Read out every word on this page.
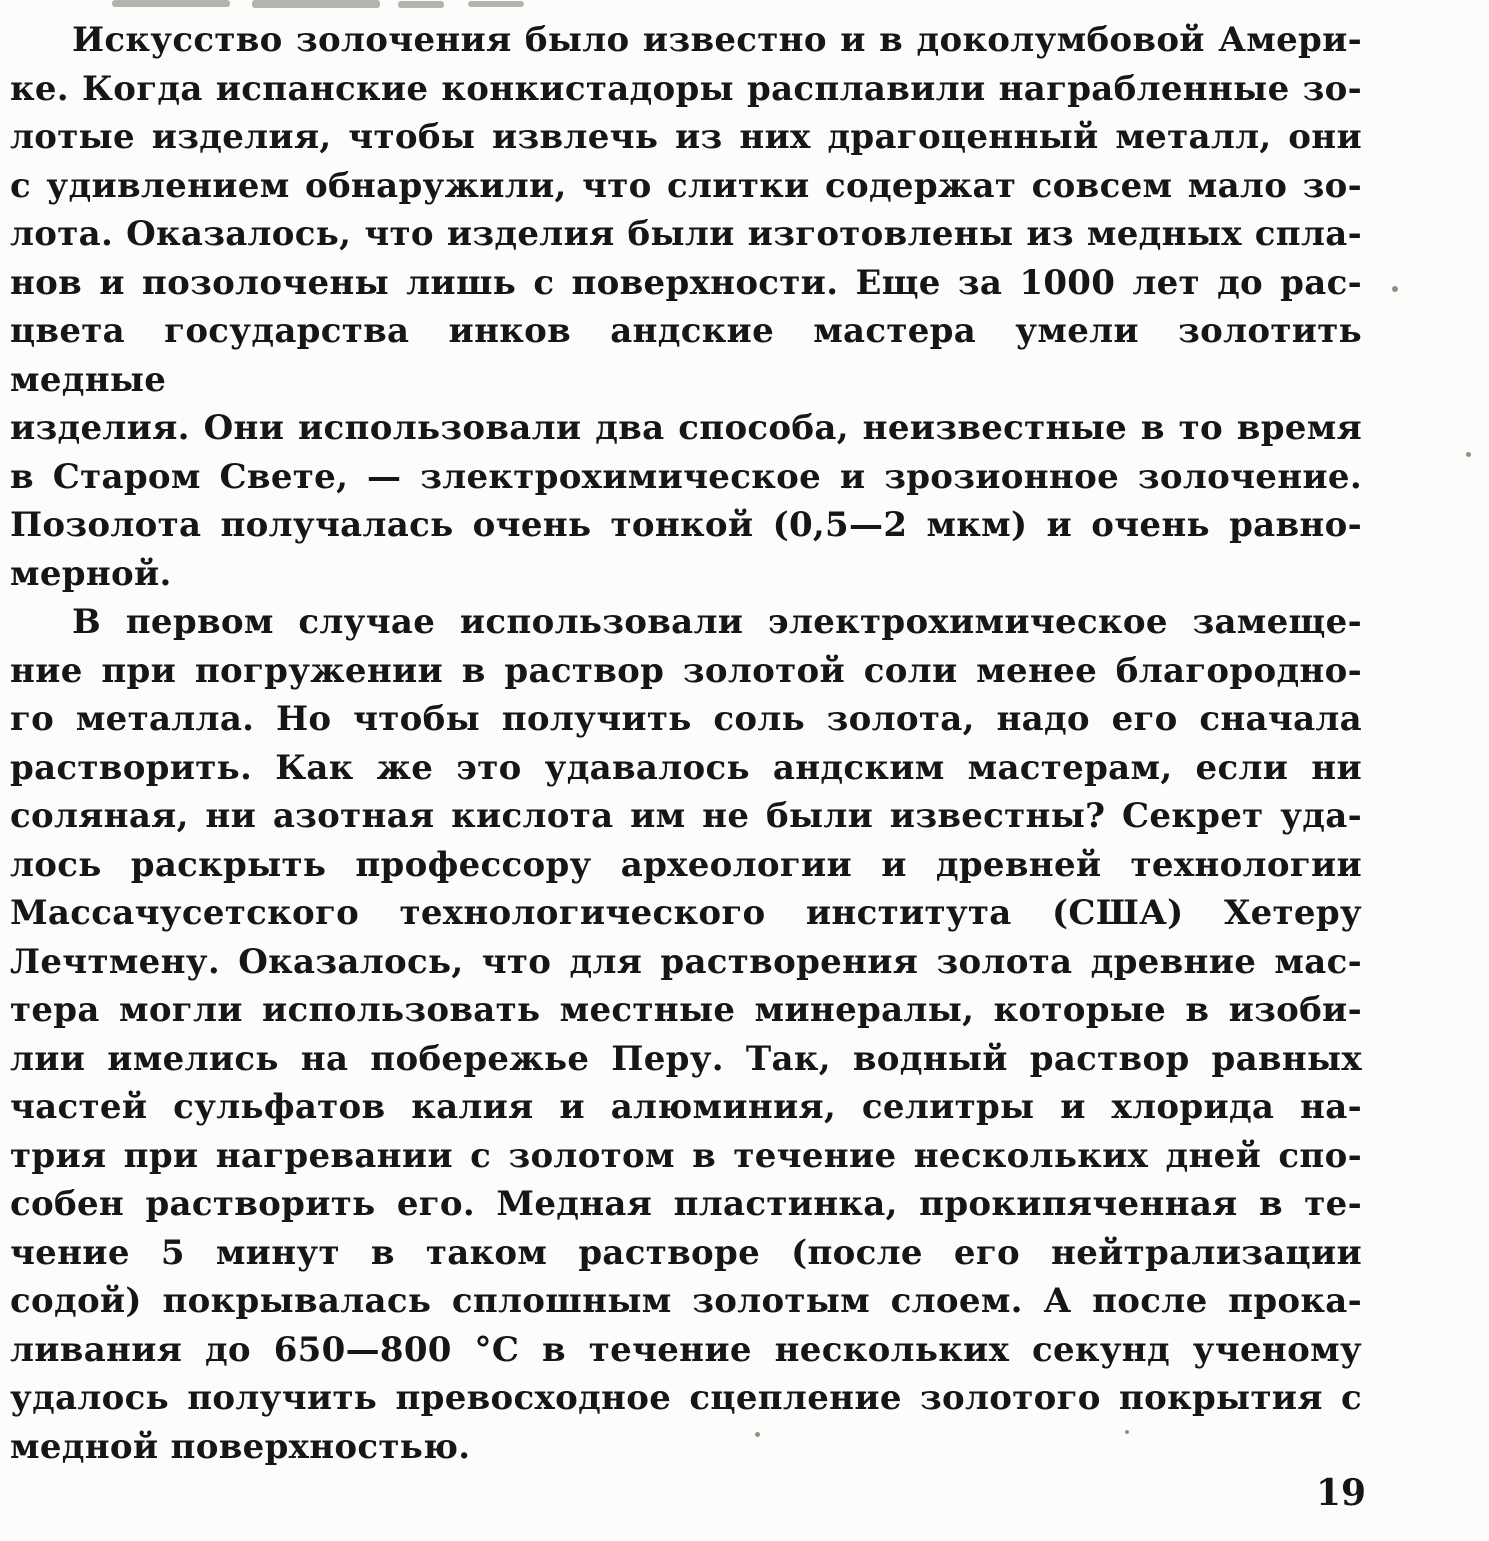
Искусство золочения было известно и в доколумбовой Амери-
ке. Когда испанские конкистадоры расплавили награбленные зо-
лотые изделия, чтобы извлечь из них драгоценный металл, они
с удивлением обнаружили, что слитки содержат совсем мало зо-
лота. Оказалось, что изделия были изготовлены из медных спла-
нов и позолочены лишь с поверхности. Еще за 1000 лет до рас-
цвета государства инков андские мастера умели золотить медные
изделия. Они использовали два способа, неизвестные в то время
в Старом Свете, — злектрохимическое и зрозионное золочение.
Позолота получалась очень тонкой (0,5—2 мкм) и очень равно-
мерной.
В первом случае использовали электрохимическое замеще-
ние при погружении в раствор золотой соли менее благородно-
го металла. Но чтобы получить соль золота, надо его сначала
растворить. Как же это удавалось андским мастерам, если ни
соляная, ни азотная кислота им не были известны? Секрет уда-
лось раскрыть профессору археологии и древней технологии
Массачусетского технологического института (США) Хетеру
Лечтмену. Оказалось, что для растворения золота древние мас-
тера могли использовать местные минералы, которые в изоби-
лии имелись на побережье Перу. Так, водный раствор равных
частей сульфатов калия и алюминия, селитры и хлорида на-
трия при нагревании с золотом в течение нескольких дней спо-
собен растворить его. Медная пластинка, прокипяченная в те-
чение 5 минут в таком растворе (после его нейтрализации
содой) покрывалась сплошным золотым слоем. А после прока-
ливания до 650—800 °С в течение нескольких секунд ученому
удалось получить превосходное сцепление золотого покрытия с
медной поверхностью.
19
